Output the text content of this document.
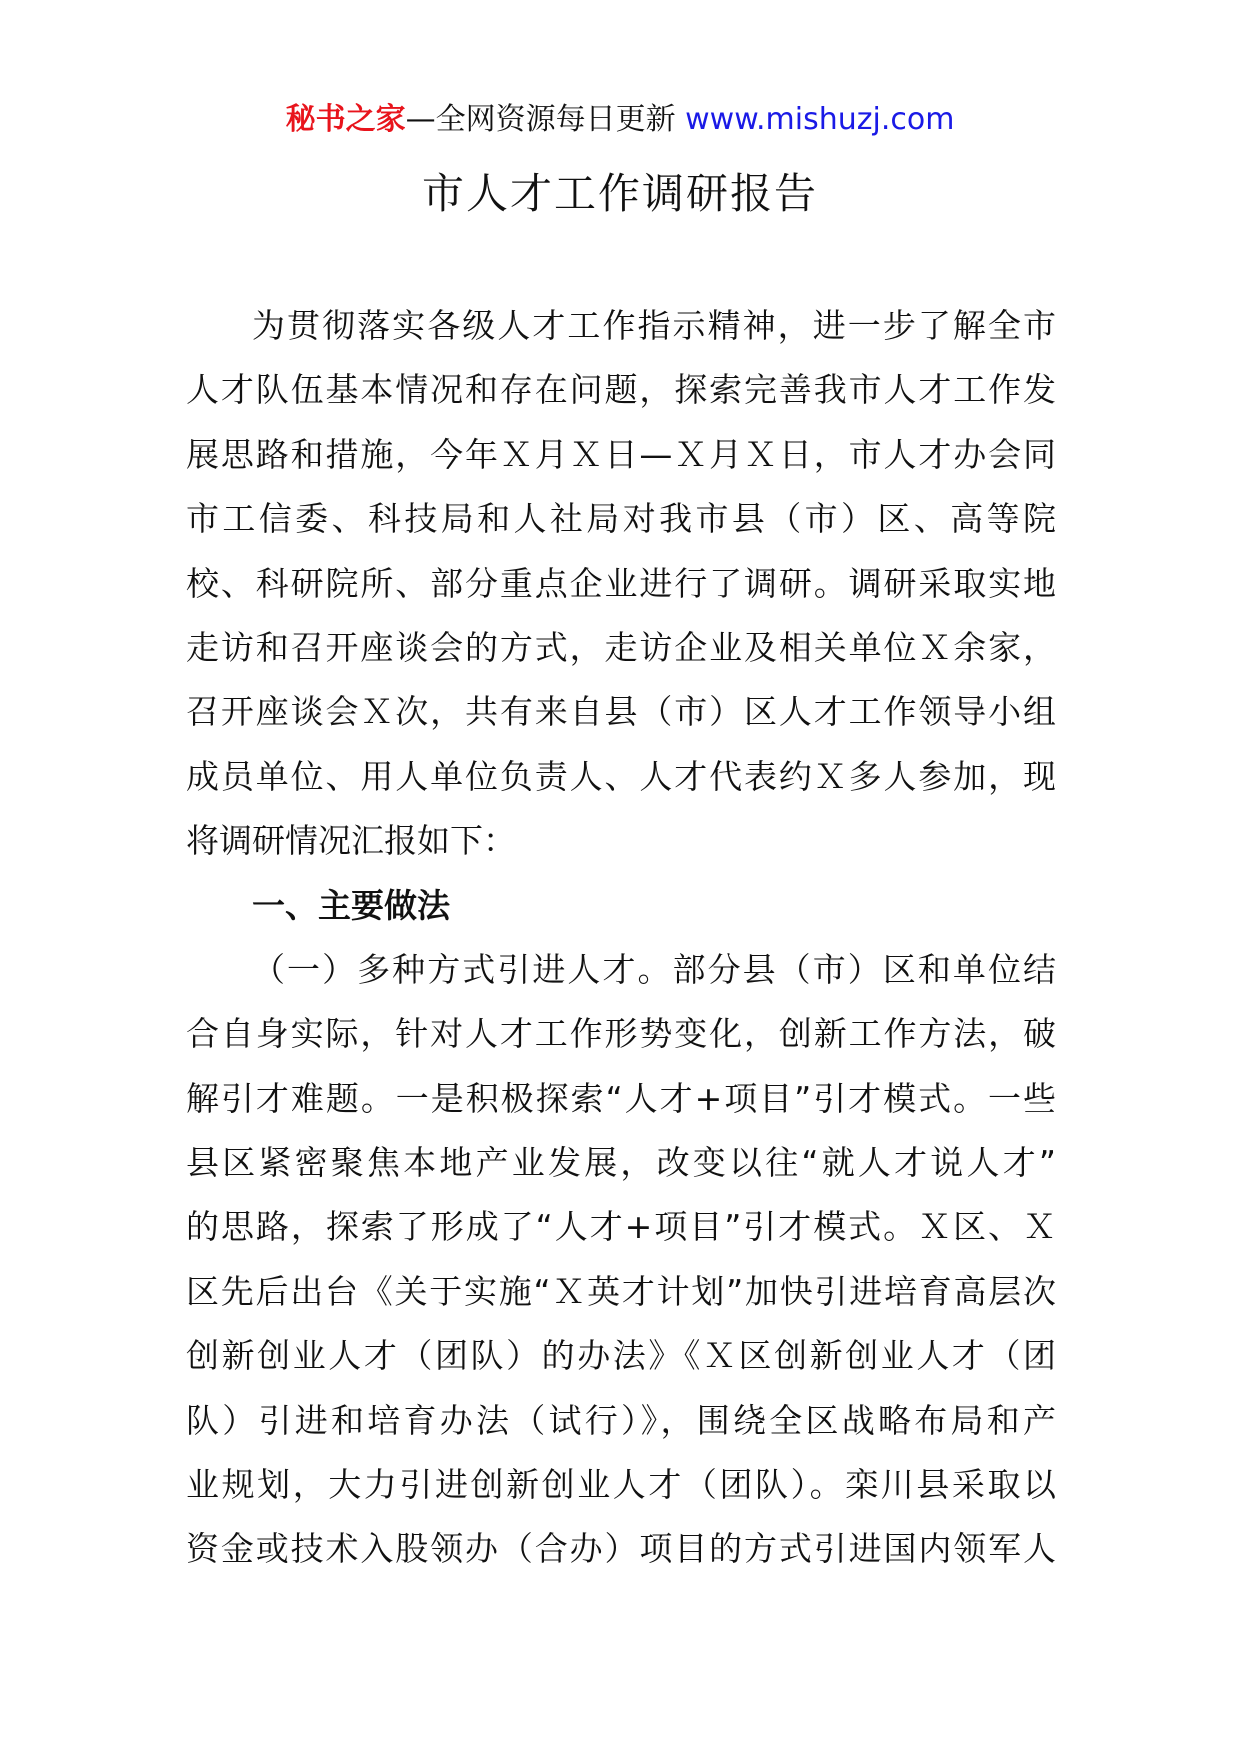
秘书之家—全网资源每日更新 www.mishuzj.com
市人才工作调研报告
为贯彻落实各级人才工作指示精神，进一步了解全市
人才队伍基本情况和存在问题，探索完善我市人才工作发
展思路和措施，今年Ｘ月Ｘ日—Ｘ月Ｘ日，市人才办会同
市工信委、科技局和人社局对我市县（市）区、高等院
校、科研院所、部分重点企业进行了调研。调研采取实地
走访和召开座谈会的方式，走访企业及相关单位Ｘ余家，
召开座谈会Ｘ次，共有来自县（市）区人才工作领导小组
成员单位、用人单位负责人、人才代表约Ｘ多人参加，现
将调研情况汇报如下：
一、主要做法
（一）多种方式引进人才。部分县（市）区和单位结
合自身实际，针对人才工作形势变化，创新工作方法，破
解引才难题。一是积极探索“人才+项目”引才模式。一些
县区紧密聚焦本地产业发展，改变以往“就人才说人才”
的思路，探索了形成了“人才+项目”引才模式。Ｘ区、Ｘ
区先后出台《关于实施“Ｘ英才计划”加快引进培育高层次
创新创业人才（团队）的办法》《Ｘ区创新创业人才（团
队）引进和培育办法（试行）》，围绕全区战略布局和产
业规划，大力引进创新创业人才（团队）。栾川县采取以
资金或技术入股领办（合办）项目的方式引进国内领军人
